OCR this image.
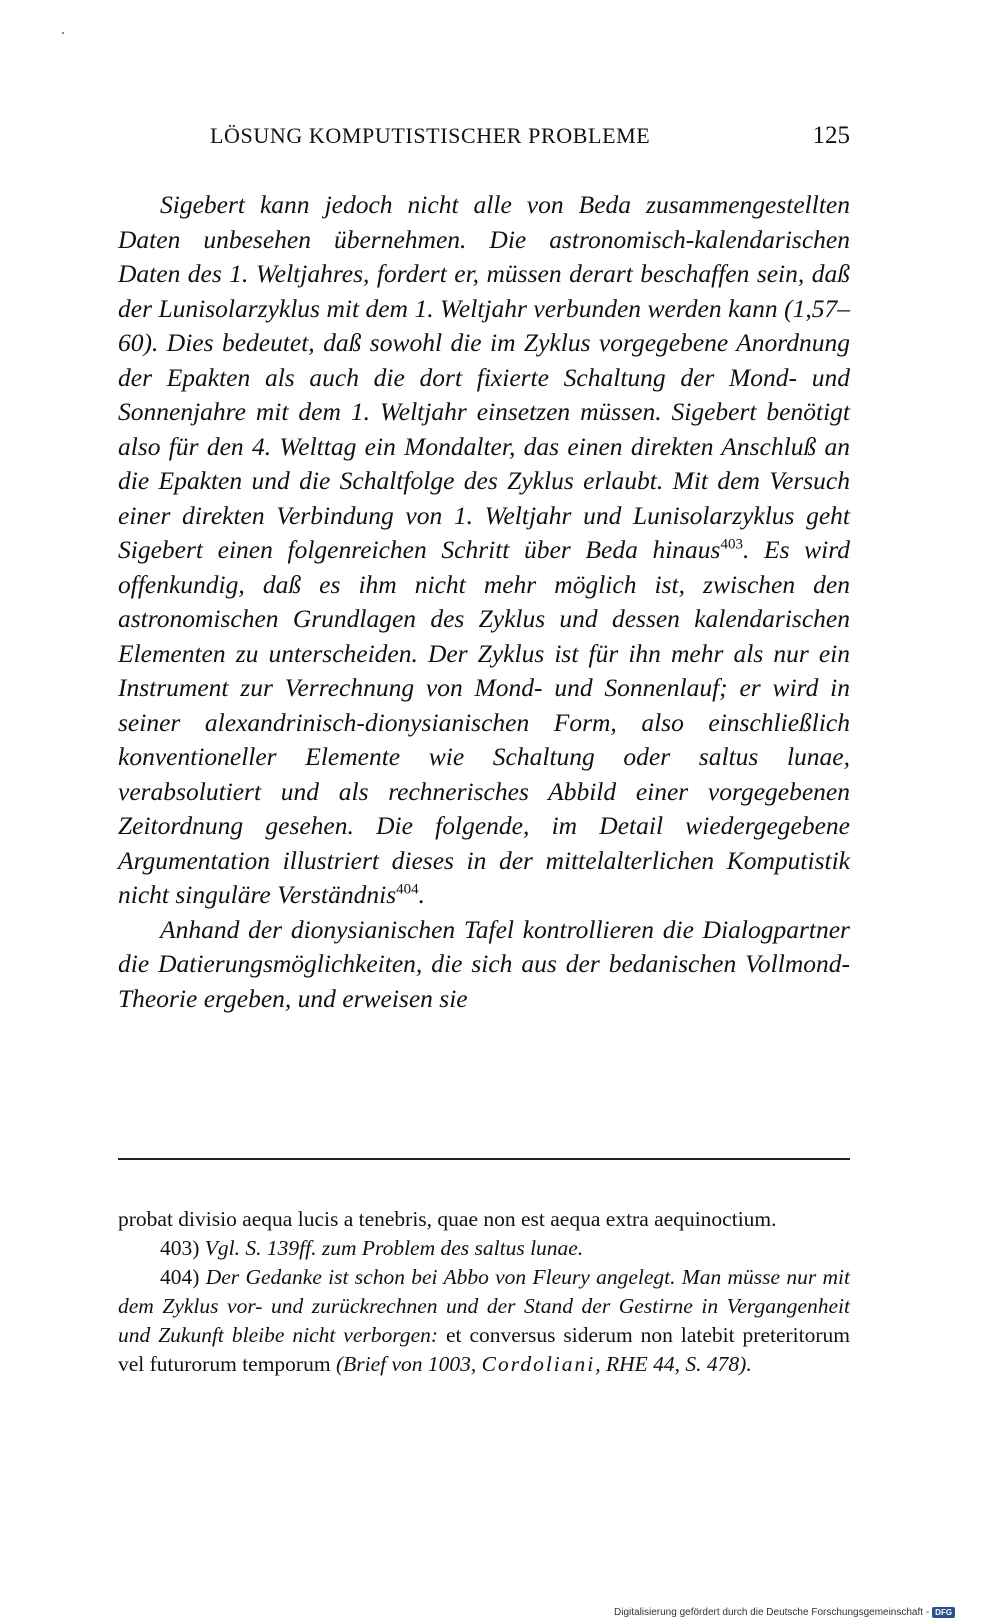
LÖSUNG KOMPUTISTISCHER PROBLEME	125

Sigebert kann jedoch nicht alle von Beda zusammengestellten Daten unbesehen übernehmen. Die astronomisch-kalendarischen Daten des 1. Weltjahres, fordert er, müssen derart beschaffen sein, daß der Lunisolarzyklus mit dem 1. Weltjahr verbunden werden kann (1,57–60). Dies bedeutet, daß sowohl die im Zyklus vorgegebene Anordnung der Epakten als auch die dort fixierte Schaltung der Mond- und Sonnenjahre mit dem 1. Weltjahr einsetzen müssen. Sigebert benötigt also für den 4. Welttag ein Mondalter, das einen direkten Anschluß an die Epakten und die Schaltfolge des Zyklus erlaubt. Mit dem Versuch einer direkten Verbindung von 1. Weltjahr und Lunisolarzyklus geht Sigebert einen folgenreichen Schritt über Beda hinaus$^{403}$. Es wird offenkundig, daß es ihm nicht mehr möglich ist, zwischen den astronomischen Grundlagen des Zyklus und dessen kalendarischen Elementen zu unterscheiden. Der Zyklus ist für ihn mehr als nur ein Instrument zur Verrechnung von Mond- und Sonnenlauf; er wird in seiner alexandrinisch-dionysianischen Form, also einschließlich konventioneller Elemente wie Schaltung oder saltus lunae, verabsolutiert und als rechnerisches Abbild einer vorgegebenen Zeitordnung gesehen. Die folgende, im Detail wiedergegebene Argumentation illustriert dieses in der mittelalterlichen Komputistik nicht singuläre Verständnis$^{404}$.

Anhand der dionysianischen Tafel kontrollieren die Dialogpartner die Datierungsmöglichkeiten, die sich aus der bedanischen Vollmond-Theorie ergeben, und erweisen sie

probat divisio aequa lucis a tenebris, quae non est aequa extra aequinoctium.

403) Vgl. S. 139ff. zum Problem des saltus lunae.

404) Der Gedanke ist schon bei Abbo von Fleury angelegt. Man müsse nur mit dem Zyklus vor- und zurückrechnen und der Stand der Gestirne in Vergangenheit und Zukunft bleibe nicht verborgen: et conversus siderum non latebit preteritorum vel futurorum temporum (Brief von 1003, Cordoliani, RHE 44, S. 478).

Digitalisierung gefördert durch die Deutsche Forschungsgemeinschaft - DFG
